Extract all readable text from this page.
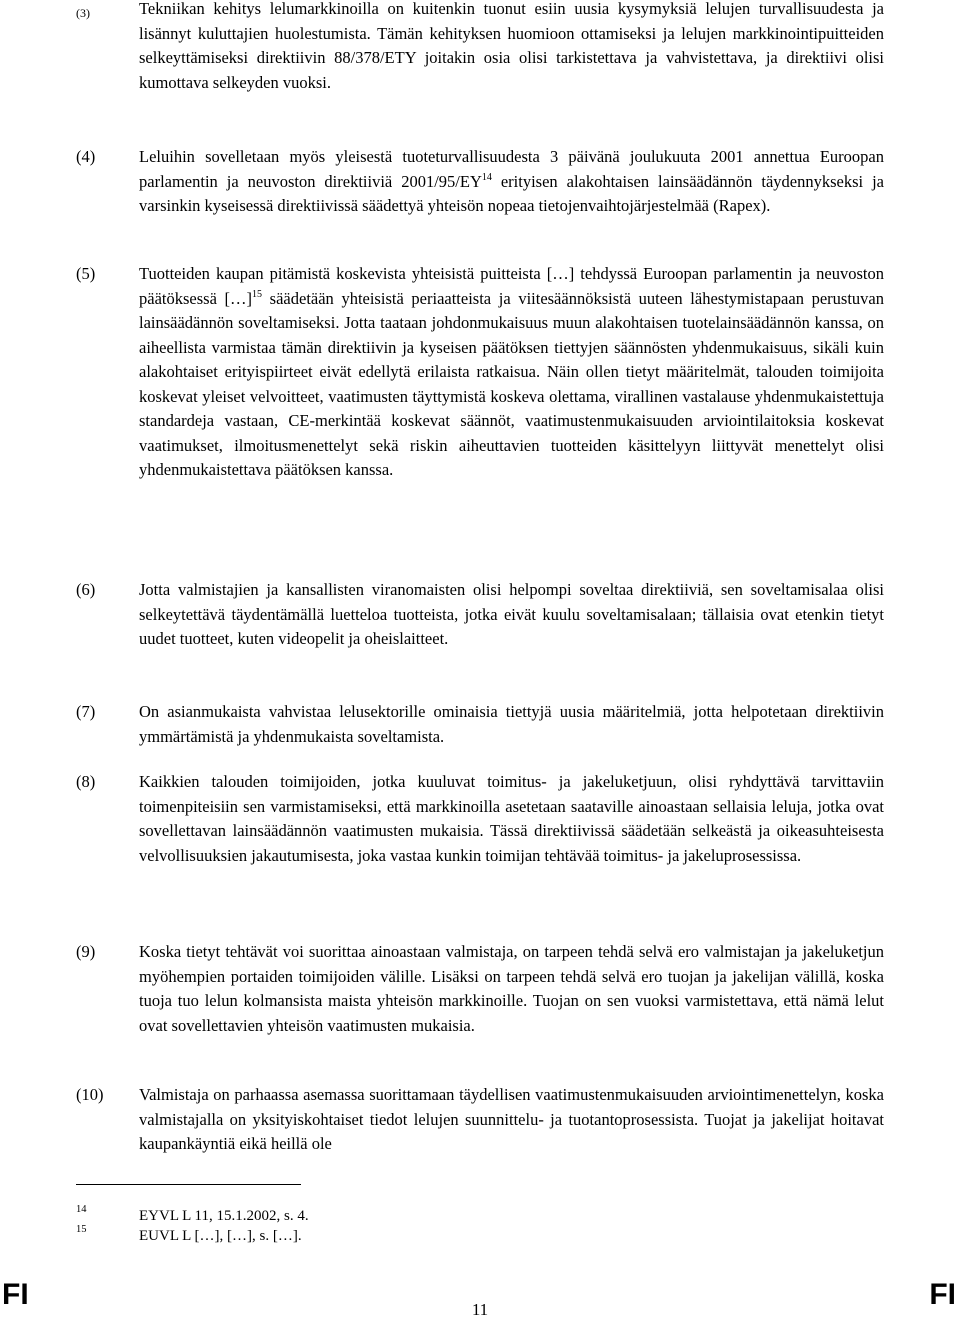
(3)	Tekniikan kehitys lelumarkkinoilla on kuitenkin tuonut esiin uusia kysymyksiä lelujen turvallisuudesta ja lisännyt kuluttajien huolestumista. Tämän kehityksen huomioon ottamiseksi ja lelujen markkinointipuitteiden selkeyttämiseksi direktiivin 88/378/ETY joitakin osia olisi tarkistettava ja vahvistettava, ja direktiivi olisi kumottava selkeyden vuoksi.
(4)	Leluihin sovelletaan myös yleisestä tuoteturvallisuudesta 3 päivänä joulukuuta 2001 annettua Euroopan parlamentin ja neuvoston direktiiviä 2001/95/EY$^{14}$ erityisen alakohtaisen lainsäädännön täydennykseksi ja varsinkin kyseisessä direktiivissä säädettyä yhteisön nopeaa tietojenvaihtojärjestelmää (Rapex).
(5)	Tuotteiden kaupan pitämistä koskevista yhteisistä puitteista […] tehdyssä Euroopan parlamentin ja neuvoston päätöksessä […]$^{15}$ säädetään yhteisistä periaatteista ja viitesäännöksistä uuteen lähestymistapaan perustuvan lainsäädännön soveltamiseksi. Jotta taataan johdonmukaisuus muun alakohtaisen tuotelainsäädännön kanssa, on aiheellista varmistaa tämän direktiivin ja kyseisen päätöksen tiettyjen säännösten yhdenmukaisuus, sikäli kuin alakohtaiset erityispiirteet eivät edellytä erilaista ratkaisua. Näin ollen tietyt määritelmät, talouden toimijoita koskevat yleiset velvoitteet, vaatimusten täyttymistä koskeva olettama, virallinen vastalause yhdenmukaistettuja standardeja vastaan, CE-merkintää koskevat säännöt, vaatimustenmukaisuuden arviointilaitoksia koskevat vaatimukset, ilmoitusmenettelyt sekä riskin aiheuttavien tuotteiden käsittelyyn liittyvät menettelyt olisi yhdenmukaistettava päätöksen kanssa.
(6)	Jotta valmistajien ja kansallisten viranomaisten olisi helpompi soveltaa direktiiviä, sen soveltamisalaa olisi selkeytettävä täydentämällä luetteloa tuotteista, jotka eivät kuulu soveltamisalaan; tällaisia ovat etenkin tietyt uudet tuotteet, kuten videopelit ja oheislaitteet.
(7)	On asianmukaista vahvistaa lelusektorille ominaisia tiettyjä uusia määritelmiä, jotta helpotetaan direktiivin ymmärtämistä ja yhdenmukaista soveltamista.
(8)	Kaikkien talouden toimijoiden, jotka kuuluvat toimitus- ja jakeluketjuun, olisi ryhdyttävä tarvittaviin toimenpiteisiin sen varmistamiseksi, että markkinoilla asetetaan saataville ainoastaan sellaisia leluja, jotka ovat sovellettavan lainsäädännön vaatimusten mukaisia. Tässä direktiivissä säädetään selkeästä ja oikeasuhteisesta velvollisuuksien jakautumisesta, joka vastaa kunkin toimijan tehtävää toimitus- ja jakeluprosessissa.
(9)	Koska tietyt tehtävät voi suorittaa ainoastaan valmistaja, on tarpeen tehdä selvä ero valmistajan ja jakeluketjun myöhempien portaiden toimijoiden välille. Lisäksi on tarpeen tehdä selvä ero tuojan ja jakelijan välillä, koska tuoja tuo lelun kolmansista maista yhteisön markkinoille. Tuojan on sen vuoksi varmistettava, että nämä lelut ovat sovellettavien yhteisön vaatimusten mukaisia.
(10) Valmistaja on parhaassa asemassa suorittamaan täydellisen vaatimustenmukaisuuden arviointimenettelyn, koska valmistajalla on yksityiskohtaiset tiedot lelujen suunnittelu- ja tuotantoprosessista. Tuojat ja jakelijat hoitavat kaupankäyntiä eikä heillä ole
14	EYVL L 11, 15.1.2002, s. 4.
15	EUVL L […], […], s. […].
FI	11	FI
